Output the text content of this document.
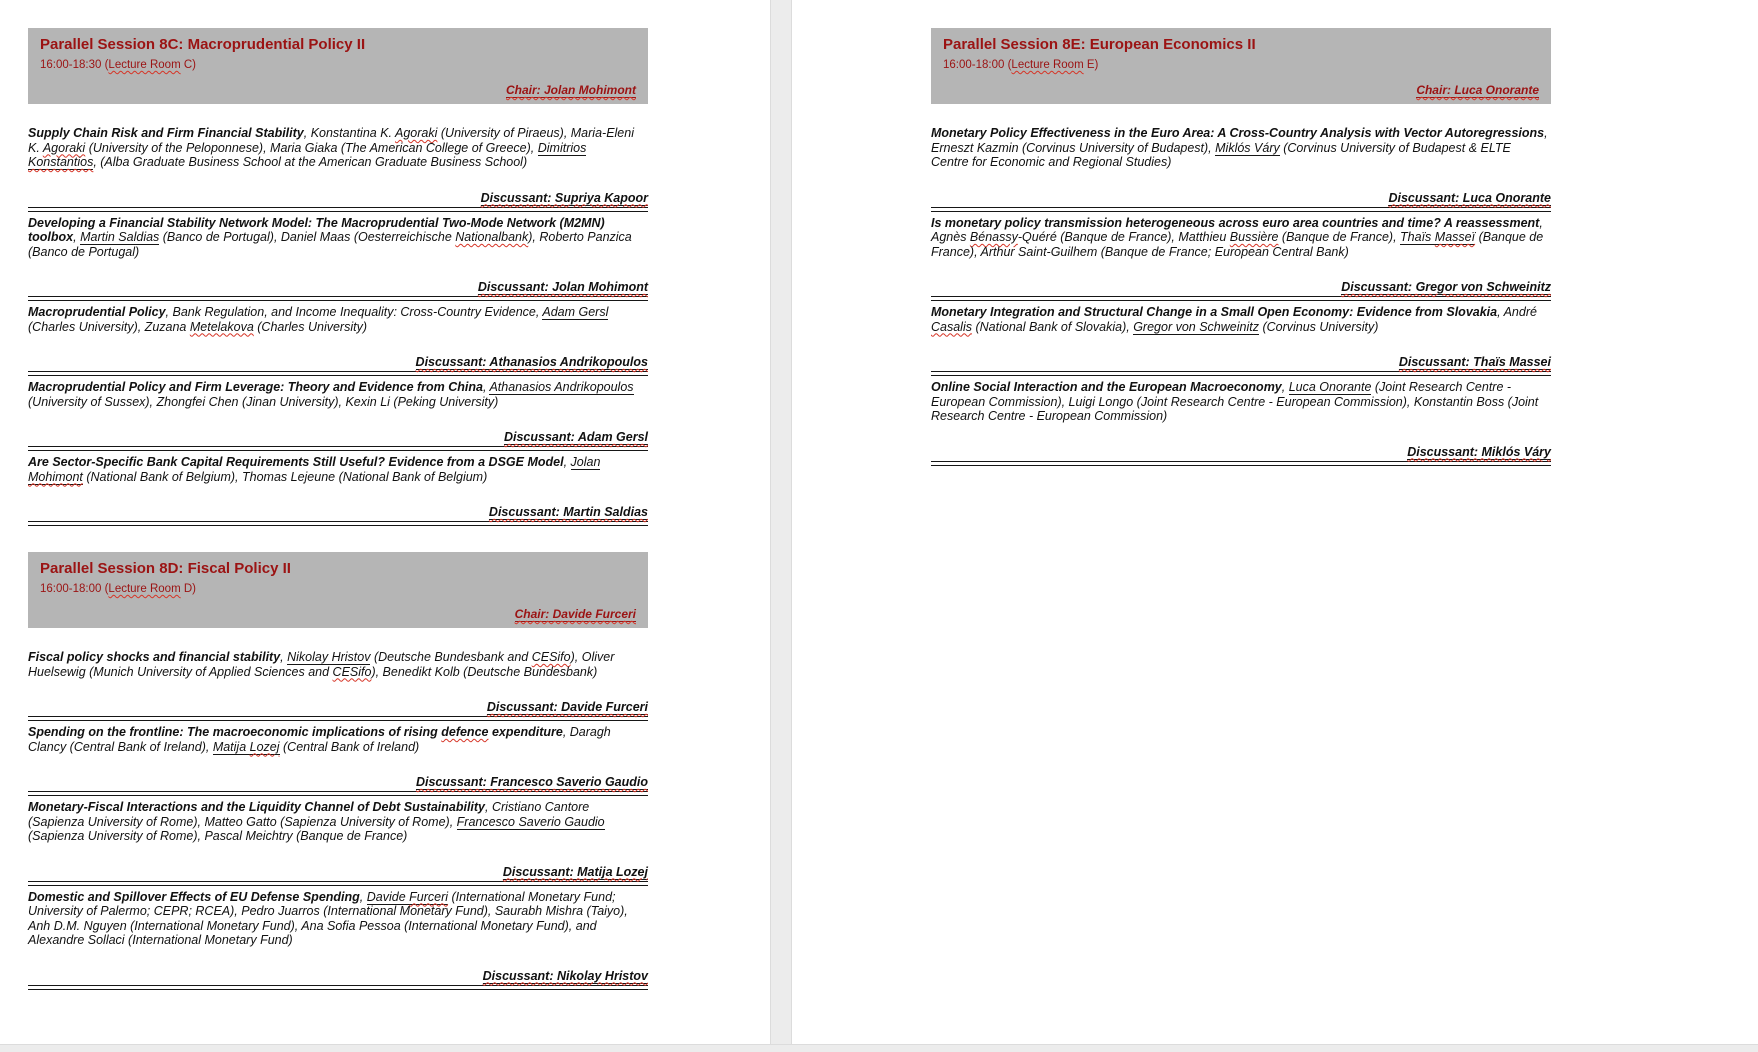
Parallel Session 8C: Macroprudential Policy II
16:00-18:30 (Lecture Room C)
Chair: Jolan Mohimont
Supply Chain Risk and Firm Financial Stability, Konstantina K. Agoraki (University of Piraeus), Maria-Eleni K. Agoraki (University of the Peloponnese), Maria Giaka (The American College of Greece), Dimitrios Konstantios, (Alba Graduate Business School at the American Graduate Business School)
Discussant: Supriya Kapoor
Developing a Financial Stability Network Model: The Macroprudential Two-Mode Network (M2MN) toolbox, Martin Saldias (Banco de Portugal), Daniel Maas (Oesterreichische Nationalbank), Roberto Panzica (Banco de Portugal)
Discussant: Jolan Mohimont
Macroprudential Policy, Bank Regulation, and Income Inequality: Cross-Country Evidence, Adam Gersl (Charles University), Zuzana Metelakova (Charles University)
Discussant: Athanasios Andrikopoulos
Macroprudential Policy and Firm Leverage: Theory and Evidence from China, Athanasios Andrikopoulos (University of Sussex), Zhongfei Chen (Jinan University), Kexin Li (Peking University)
Discussant: Adam Gersl
Are Sector-Specific Bank Capital Requirements Still Useful? Evidence from a DSGE Model, Jolan Mohimont (National Bank of Belgium), Thomas Lejeune (National Bank of Belgium)
Discussant: Martin Saldias
Parallel Session 8D: Fiscal Policy II
16:00-18:00 (Lecture Room D)
Chair: Davide Furceri
Fiscal policy shocks and financial stability, Nikolay Hristov (Deutsche Bundesbank and CESifo), Oliver Huelsewig (Munich University of Applied Sciences and CESifo), Benedikt Kolb (Deutsche Bundesbank)
Discussant: Davide Furceri
Spending on the frontline: The macroeconomic implications of rising defence expenditure, Daragh Clancy (Central Bank of Ireland), Matija Lozej (Central Bank of Ireland)
Discussant: Francesco Saverio Gaudio
Monetary-Fiscal Interactions and the Liquidity Channel of Debt Sustainability, Cristiano Cantore (Sapienza University of Rome), Matteo Gatto (Sapienza University of Rome), Francesco Saverio Gaudio (Sapienza University of Rome), Pascal Meichtry (Banque de France)
Discussant: Matija Lozej
Domestic and Spillover Effects of EU Defense Spending, Davide Furceri (International Monetary Fund; University of Palermo; CEPR; RCEA), Pedro Juarros (International Monetary Fund), Saurabh Mishra (Taiyo), Anh D.M. Nguyen (International Monetary Fund), Ana Sofia Pessoa (International Monetary Fund), and Alexandre Sollaci (International Monetary Fund)
Discussant: Nikolay Hristov
Parallel Session 8E: European Economics II
16:00-18:00 (Lecture Room E)
Chair: Luca Onorante
Monetary Policy Effectiveness in the Euro Area: A Cross-Country Analysis with Vector Autoregressions, Erneszt Kazmin (Corvinus University of Budapest), Miklós Váry (Corvinus University of Budapest & ELTE Centre for Economic and Regional Studies)
Discussant: Luca Onorante
Is monetary policy transmission heterogeneous across euro area countries and time? A reassessment, Agnès Bénassy-Quéré (Banque de France), Matthieu Bussière (Banque de France), Thaïs Masseï (Banque de France), Arthur Saint-Guilhem (Banque de France; European Central Bank)
Discussant: Gregor von Schweinitz
Monetary Integration and Structural Change in a Small Open Economy: Evidence from Slovakia, André Casalis (National Bank of Slovakia), Gregor von Schweinitz (Corvinus University)
Discussant: Thaïs Massei
Online Social Interaction and the European Macroeconomy, Luca Onorante (Joint Research Centre - European Commission), Luigi Longo (Joint Research Centre - European Commission), Konstantin Boss (Joint Research Centre - European Commission)
Discussant: Miklós Váry
